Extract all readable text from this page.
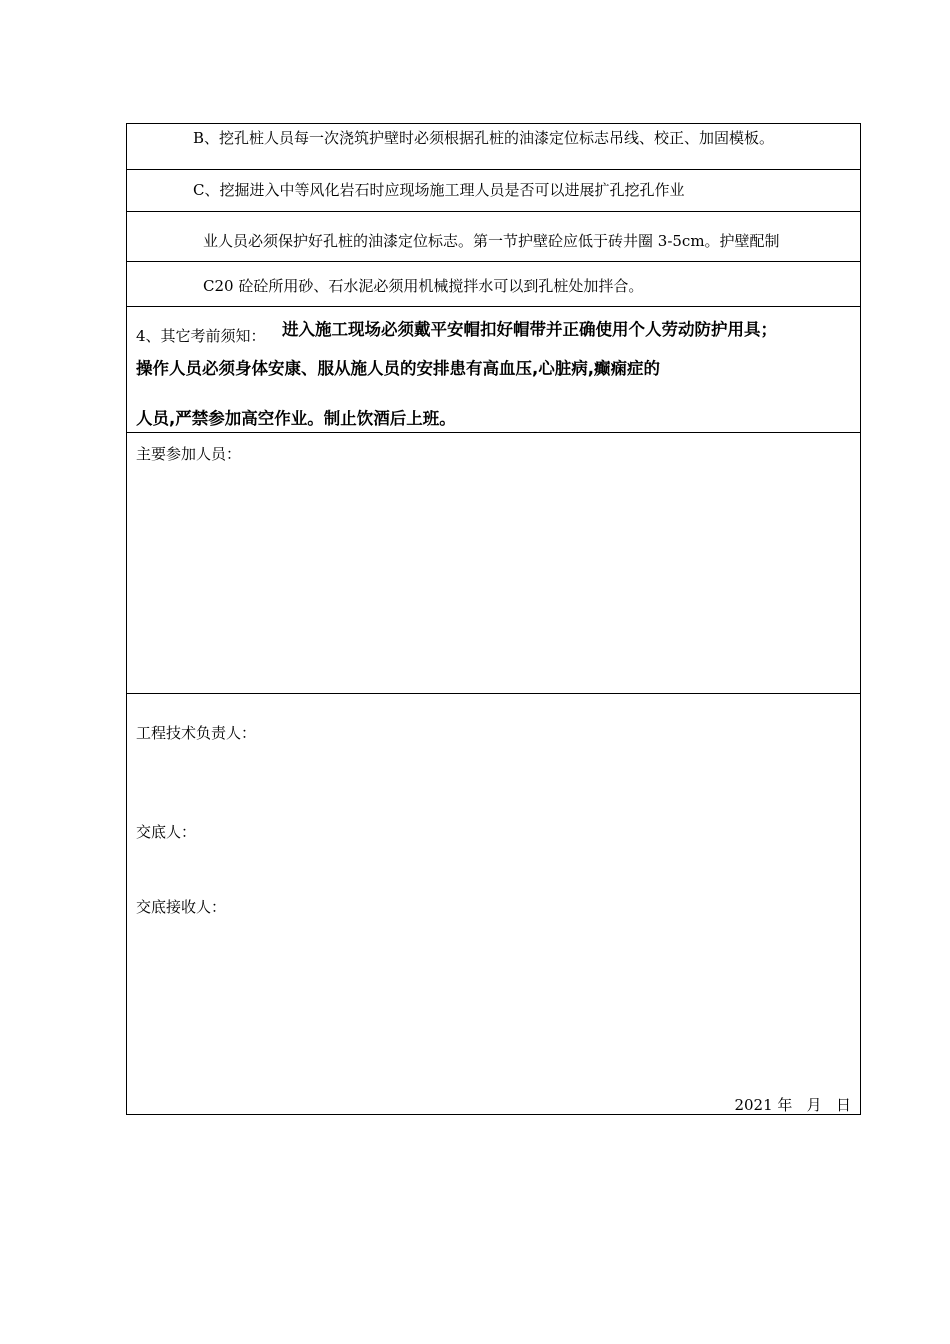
B、挖孔桩人员每一次浇筑护壁时必须根据孔桩的油漆定位标志吊线、校正、加固模板。
C、挖掘进入中等风化岩石时应现场施工理人员是否可以进展扩孔挖孔作业
业人员必须保护好孔桩的油漆定位标志。第一节护壁砼应低于砖井圈 3-5cm。护壁配制
C20 砼砼所用砂、石水泥必须用机械搅拌水可以到孔桩处加拌合。
4、其它考前须知： 进入施工现场必须戴平安帽扣好帽带并正确使用个人劳动防护用具；
操作人员必须身体安康、服从施人员的安排患有高血压,心脏病,癫痫症的
人员,严禁参加高空作业。制止饮酒后上班。
主要参加人员：
工程技术负责人：
交底人：
交底接收人：
2021 年   月   日
